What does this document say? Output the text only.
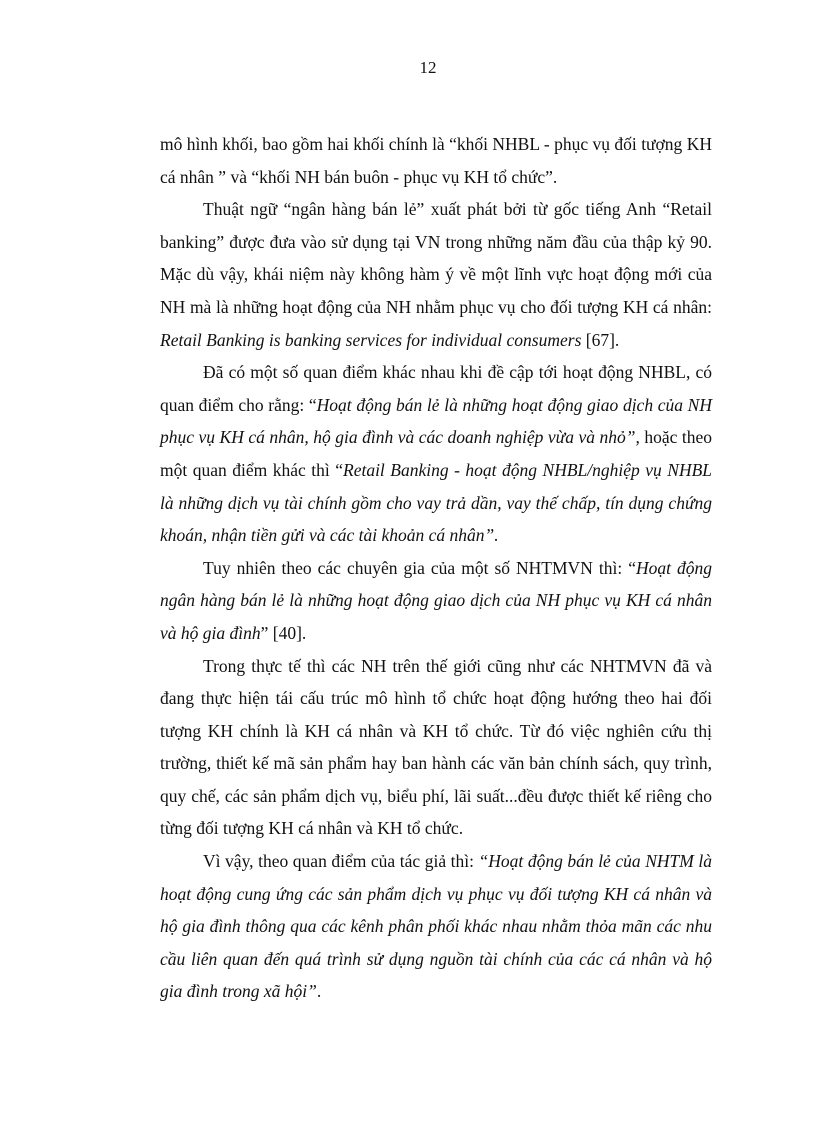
12

mô hình khối, bao gồm hai khối chính là “khối NHBL - phục vụ đối tượng KH cá nhân ” và “khối NH bán buôn - phục vụ KH tổ chức”.

Thuật ngữ “ngân hàng bán lẻ” xuất phát bởi từ gốc tiếng Anh “Retail banking” được đưa vào sử dụng tại VN trong những năm đầu của thập kỷ 90. Mặc dù vậy, khái niệm này không hàm ý về một lĩnh vực hoạt động mới của NH mà là những hoạt động của NH nhằm phục vụ cho đối tượng KH cá nhân: Retail Banking is banking services for individual consumers [67].

Đã có một số quan điểm khác nhau khi đề cập tới hoạt động NHBL, có quan điểm cho rằng: “Hoạt động bán lẻ là những hoạt động giao dịch của NH phục vụ KH cá nhân, hộ gia đình và các doanh nghiệp vừa và nhỏ”, hoặc theo một quan điểm khác thì “Retail Banking - hoạt động NHBL/nghiệp vụ NHBL là những dịch vụ tài chính gồm cho vay trả dần, vay thế chấp, tín dụng chứng khoán, nhận tiền gửi và các tài khoản cá nhân”.

Tuy nhiên theo các chuyên gia của một số NHTMVN thì: “Hoạt động ngân hàng bán lẻ là những hoạt động giao dịch của NH phục vụ KH cá nhân và hộ gia đình” [40].

Trong thực tế thì các NH trên thế giới cũng như các NHTMVN đã và đang thực hiện tái cấu trúc mô hình tổ chức hoạt động hướng theo hai đối tượng KH chính là KH cá nhân và KH tổ chức. Từ đó việc nghiên cứu thị trường, thiết kế mã sản phẩm hay ban hành các văn bản chính sách, quy trình, quy chế, các sản phẩm dịch vụ, biểu phí, lãi suất...đều được thiết kế riêng cho từng đối tượng KH cá nhân và KH tổ chức.

Vì vậy, theo quan điểm của tác giả thì: “Hoạt động bán lẻ của NHTM là hoạt động cung ứng các sản phẩm dịch vụ phục vụ đối tượng KH cá nhân và hộ gia đình thông qua các kênh phân phối khác nhau nhằm thỏa mãn các nhu cầu liên quan đến quá trình sử dụng nguồn tài chính của các cá nhân và hộ gia đình trong xã hội”.
